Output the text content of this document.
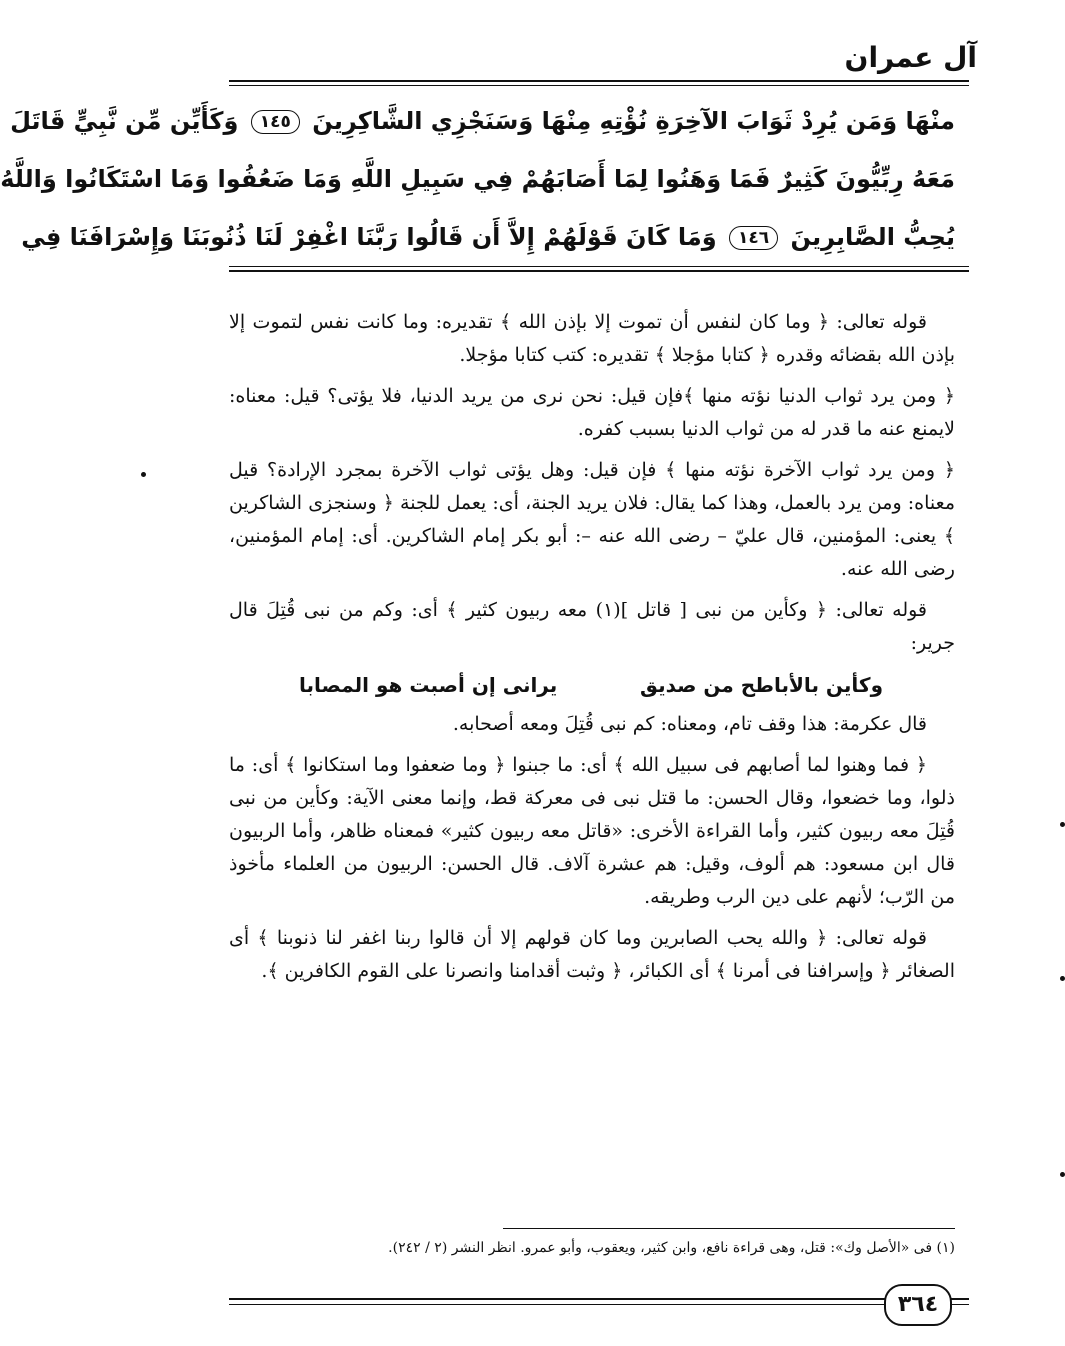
آل عمران
منْهَا وَمَن يُرِدْ ثَوَابَ الآخِرَةِ نُؤْتِهِ مِنْهَا وَسَنَجْزِي الشَّاكِرِينَ ١٤٥ وَكَأَيِّن مِّن نَّبِيٍّ قَاتَلَ
مَعَهُ رِبِّيُّونَ كَثِيرٌ فَمَا وَهَنُوا لِمَا أَصَابَهُمْ فِي سَبِيلِ اللَّهِ وَمَا ضَعُفُوا وَمَا اسْتَكَانُوا وَاللَّهُ
يُحِبُّ الصَّابِرِينَ ١٤٦ وَمَا كَانَ قَوْلَهُمْ إِلاَّ أَن قَالُوا رَبَّنَا اغْفِرْ لَنَا ذُنُوبَنَا وَإِسْرَافَنَا فِي

قوله تعالى: ﴿ وما كان لنفس أن تموت إلا بإذن الله ﴾ تقديره: وما كانت نفس لتموت إلا بإذن الله بقضائه وقدره ﴿ كتابا مؤجلا ﴾ تقديره: كتب كتابا مؤجلا.

﴿ ومن يرد ثواب الدنيا نؤته منها ﴾فإن قيل: نحن نرى من يريد الدنيا، فلا يؤتى؟ قيل: معناه: لايمنع عنه ما قدر له من ثواب الدنيا بسبب كفره.

﴿ ومن يرد ثواب الآخرة نؤته منها ﴾ فإن قيل: وهل يؤتى ثواب الآخرة بمجرد الإرادة؟ قيل معناه: ومن يرد بالعمل، وهذا كما يقال: فلان يريد الجنة، أى: يعمل للجنة ﴿ وسنجزى الشاكرين ﴾ يعنى: المؤمنين، قال عليّ – رضى الله عنه –: أبو بكر إمام الشاكرين. أى: إمام المؤمنين، رضى الله عنه.

قوله تعالى: ﴿ وكأين من نبى [ قاتل ](١) معه ربيون كثير ﴾ أى: وكم من نبى قُتِلَ قال جرير:

وكأين بالأباطح من صديق
يرانى إن أصبت هو المصابا

قال عكرمة: هذا وقف تام، ومعناه: كم نبى قُتِلَ ومعه أصحابه.

﴿ فما وهنوا لما أصابهم فى سبيل الله ﴾ أى: ما جبنوا ﴿ وما ضعفوا وما استكانوا ﴾ أى: ما ذلوا، وما خضعوا، وقال الحسن: ما قتل نبى فى معركة قط، وإنما معنى الآية: وكأين من نبى قُتِلَ معه ربيون كثير، وأما القراءة الأخرى: «قاتل معه ربيون كثير» فمعناه ظاهر، وأما الربيون قال ابن مسعود: هم ألوف، وقيل: هم عشرة آلاف. قال الحسن: الربيون من العلماء مأخوذ من الرّب؛ لأنهم على دين الرب وطريقه.

قوله تعالى: ﴿ والله يحب الصابرين وما كان قولهم إلا أن قالوا ربنا اغفر لنا ذنوبنا ﴾ أى الصغائر ﴿ وإسرافنا فى أمرنا ﴾ أى الكبائر، ﴿ وثبت أقدامنا وانصرنا على القوم الكافرين ﴾.

(١) فى «الأصل وك»: قتل، وهى قراءة نافع، وابن كثير، ويعقوب، وأبو عمرو. انظر النشر (٢ / ٢٤٢).
٣٦٤
